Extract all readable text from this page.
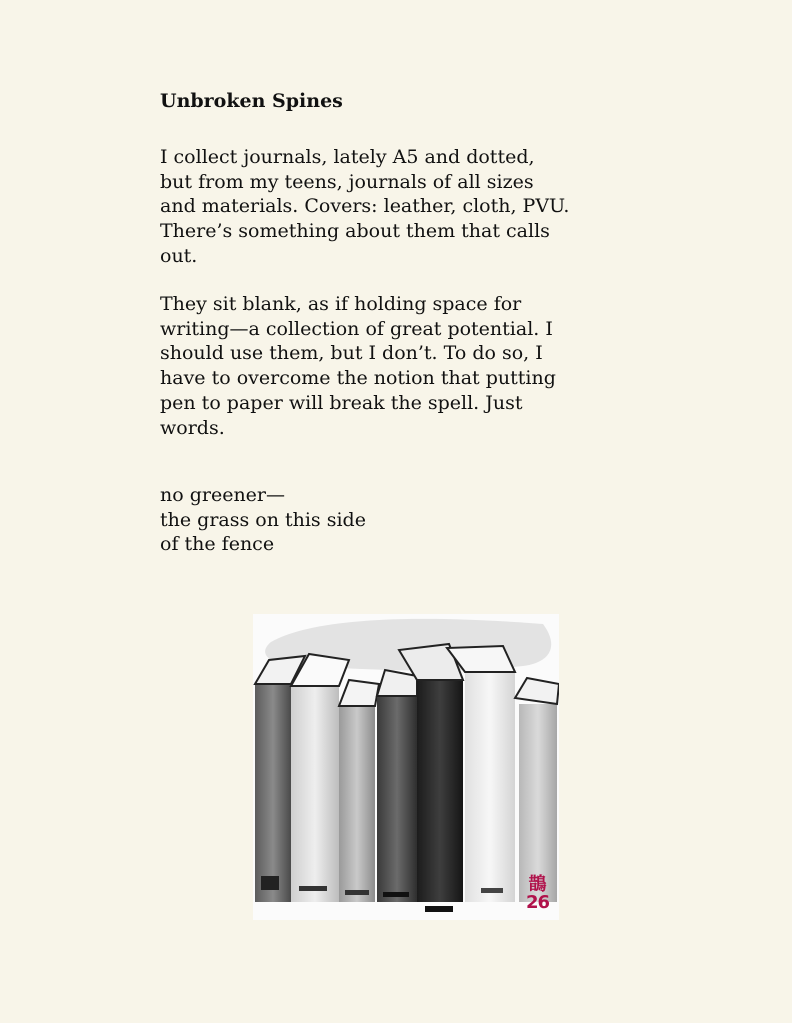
Unbroken Spines

I collect journals, lately A5 and dotted,
but from my teens, journals of all sizes
and materials. Covers: leather, cloth, PVU.
There’s something about them that calls
out.

They sit blank, as if holding space for
writing—a collection of great potential. I
should use them, but I don’t. To do so, I
have to overcome the notion that putting
pen to paper will break the spell. Just
words.

no greener—
the grass on this side
of the fence

鵲
26
